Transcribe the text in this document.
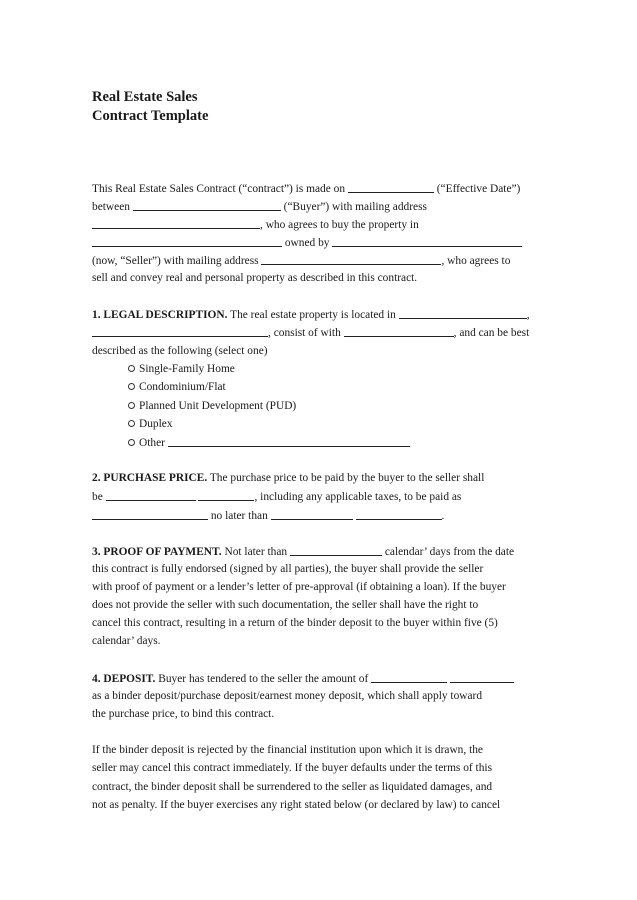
Real Estate Sales
Contract Template
This Real Estate Sales Contract (“contract”) is made on	(“Effective Date”)
between	(“Buyer”) with mailing address
, who agrees to buy the property in
owned by
(now, “Seller”) with mailing address	, who agrees to
sell and convey real and personal property as described in this contract.
1. LEGAL DESCRIPTION. The real estate property is located in	,
, consist of with	, and can be best
described as the following (select one)
Single-Family Home
Condominium/Flat
Planned Unit Development (PUD)
Duplex
Other
2. PURCHASE PRICE. The purchase price to be paid by the buyer to the seller shall
be	, including any applicable taxes, to be paid as
no later than	.
3. PROOF OF PAYMENT. Not later than	calendar’ days from the date
this contract is fully endorsed (signed by all parties), the buyer shall provide the seller
with proof of payment or a lender’s letter of pre-approval (if obtaining a loan). If the buyer
does not provide the seller with such documentation, the seller shall have the right to
cancel this contract, resulting in a return of the binder deposit to the buyer within five (5)
calendar’ days.
4. DEPOSIT. Buyer has tendered to the seller the amount of
as a binder deposit/purchase deposit/earnest money deposit, which shall apply toward
the purchase price, to bind this contract.
If the binder deposit is rejected by the financial institution upon which it is drawn, the
seller may cancel this contract immediately. If the buyer defaults under the terms of this
contract, the binder deposit shall be surrendered to the seller as liquidated damages, and
not as penalty. If the buyer exercises any right stated below (or declared by law) to cancel
